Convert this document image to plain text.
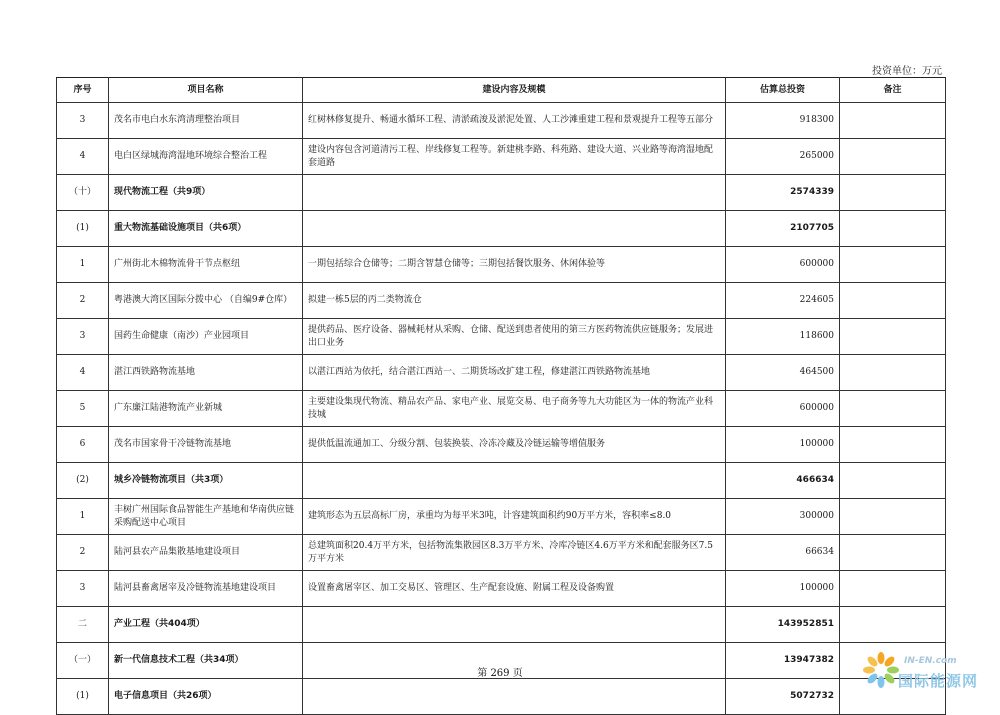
投资单位：万元
序号	项目名称	建设内容及规模	估算总投资	备注
3	茂名市电白水东湾清理整治项目	红树林修复提升、畅通水循环工程、清淤疏浚及淤泥处置、人工沙滩重建工程和景观提升工程等五部分	918300	
4	电白区绿城海湾湿地环境综合整治工程	建设内容包含河道清污工程、岸线修复工程等。新建桃李路、科苑路、建设大道、兴业路等海湾湿地配套道路	265000	
（十）	现代物流工程（共9项）		2574339	
(1)	重大物流基础设施项目（共6项）		2107705	
1	广州街北木棉物流骨干节点枢纽	一期包括综合仓储等；二期含智慧仓储等；三期包括餐饮服务、休闲体验等	600000	
2	粤港澳大湾区国际分拨中心 （自编9#仓库）	拟建一栋5层的丙二类物流仓	224605	
3	国药生命健康（南沙）产业园项目	提供药品、医疗设备、器械耗材从采购、仓储、配送到患者使用的第三方医药物流供应链服务；发展进出口业务	118600	
4	湛江西铁路物流基地	以湛江西站为依托，结合湛江西站一、二期货场改扩建工程，修建湛江西铁路物流基地	464500	
5	广东廉江陆港物流产业新城	主要建设集现代物流、精品农产品、家电产业、展览交易、电子商务等九大功能区为一体的物流产业科技城	600000	
6	茂名市国家骨干冷链物流基地	提供低温流通加工、分级分割、包装换装、冷冻冷藏及冷链运输等增值服务	100000	
(2)	城乡冷链物流项目（共3项）		466634	
1	丰树广州国际食品智能生产基地和华南供应链采购配送中心项目	建筑形态为五层高标厂房，承重均为每平米3吨，计容建筑面积约90万平方米，容积率≤8.0	300000	
2	陆河县农产品集散基地建设项目	总建筑面积20.4万平方米，包括物流集散园区8.3万平方米、冷库冷链区4.6万平方米和配套服务区7.5万平方米	66634	
3	陆河县畜禽屠宰及冷链物流基地建设项目	设置畜禽屠宰区、加工交易区、管理区、生产配套设施、附属工程及设备购置	100000	
二	产业工程（共404项）		143952851	
（一）	新一代信息技术工程（共34项）		13947382	
(1)	电子信息项目（共26项）		5072732	
第 269 页
IN-EN.com
国际能源网
